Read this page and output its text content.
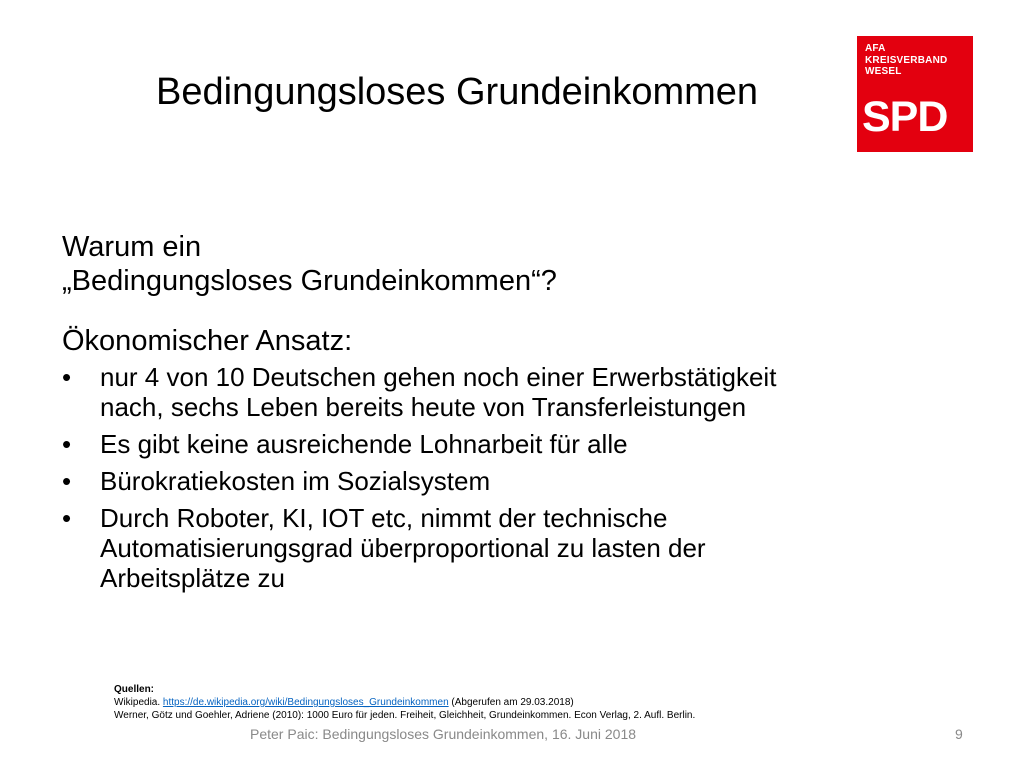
Bedingungsloses Grundeinkommen
AFA
KREISVERBAND
WESEL
SPD
Warum ein
„Bedingungsloses Grundeinkommen“?
Ökonomischer Ansatz:
• nur 4 von 10 Deutschen gehen noch einer Erwerbstätigkeit
nach, sechs Leben bereits heute von Transferleistungen
• Es gibt keine ausreichende Lohnarbeit für alle
• Bürokratiekosten im Sozialsystem
• Durch Roboter, KI, IOT etc, nimmt der technische
Automatisierungsgrad überproportional zu lasten der
Arbeitsplätze zu
Quellen:
Wikipedia. https://de.wikipedia.org/wiki/Bedingungsloses_Grundeinkommen (Abgerufen am 29.03.2018)
Werner, Götz und Goehler, Adriene (2010): 1000 Euro für jeden. Freiheit, Gleichheit, Grundeinkommen. Econ Verlag, 2. Aufl. Berlin.
Peter Paic: Bedingungsloses Grundeinkommen, 16. Juni 2018	9
